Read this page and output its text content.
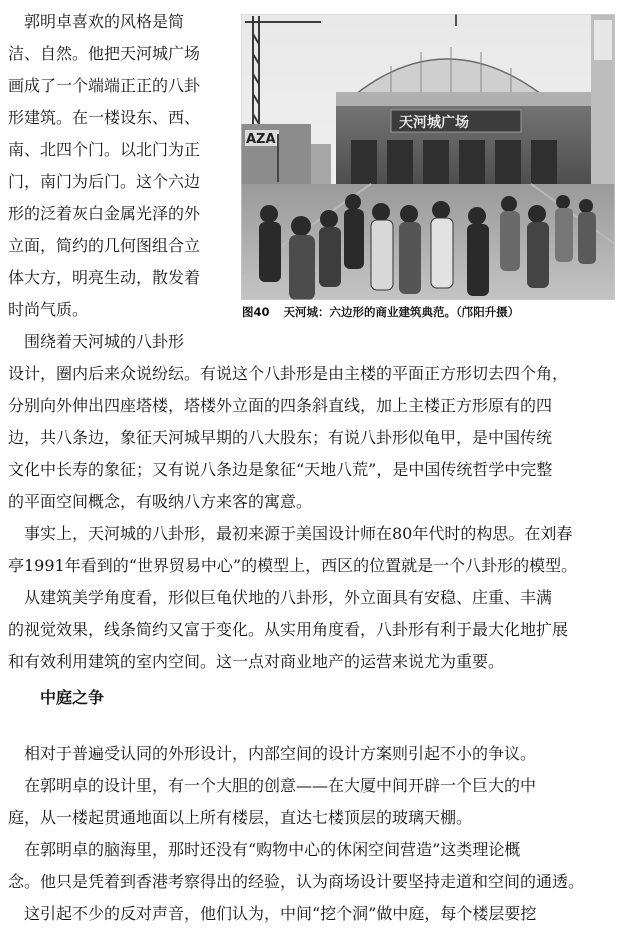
　郭明卓喜欢的风格是简
洁、自然。他把天河城广场
画成了一个端端正正的八卦
形建筑。在一楼设东、西、
南、北四个门。以北门为正
门，南门为后门。这个六边
形的泛着灰白金属光泽的外
立面，简约的几何图组合立
体大方，明亮生动，散发着
时尚气质。
　围绕着天河城的八卦形
AZA
天河城广场
图40 天河城：六边形的商业建筑典范。（邝阳升摄）
设计，圈内后来众说纷纭。有说这个八卦形是由主楼的平面正方形切去四个角，
分别向外伸出四座塔楼，塔楼外立面的四条斜直线，加上主楼正方形原有的四
边，共八条边，象征天河城早期的八大股东；有说八卦形似龟甲，是中国传统
文化中长寿的象征；又有说八条边是象征“天地八荒”，是中国传统哲学中完整
的平面空间概念，有吸纳八方来客的寓意。
　事实上，天河城的八卦形，最初来源于美国设计师在80年代时的构思。在刘春
亭1991年看到的“世界贸易中心”的模型上，西区的位置就是一个八卦形的模型。
　从建筑美学角度看，形似巨龟伏地的八卦形，外立面具有安稳、庄重、丰满
的视觉效果，线条简约又富于变化。从实用角度看，八卦形有利于最大化地扩展
和有效利用建筑的室内空间。这一点对商业地产的运营来说尤为重要。
中庭之争
　相对于普遍受认同的外形设计，内部空间的设计方案则引起不小的争议。
　在郭明卓的设计里，有一个大胆的创意——在大厦中间开辟一个巨大的中
庭，从一楼起贯通地面以上所有楼层，直达七楼顶层的玻璃天棚。
　在郭明卓的脑海里，那时还没有“购物中心的休闲空间营造”这类理论概
念。他只是凭着到香港考察得出的经验，认为商场设计要坚持走道和空间的通透。
　这引起不少的反对声音，他们认为，中间“挖个洞”做中庭，每个楼层要挖
